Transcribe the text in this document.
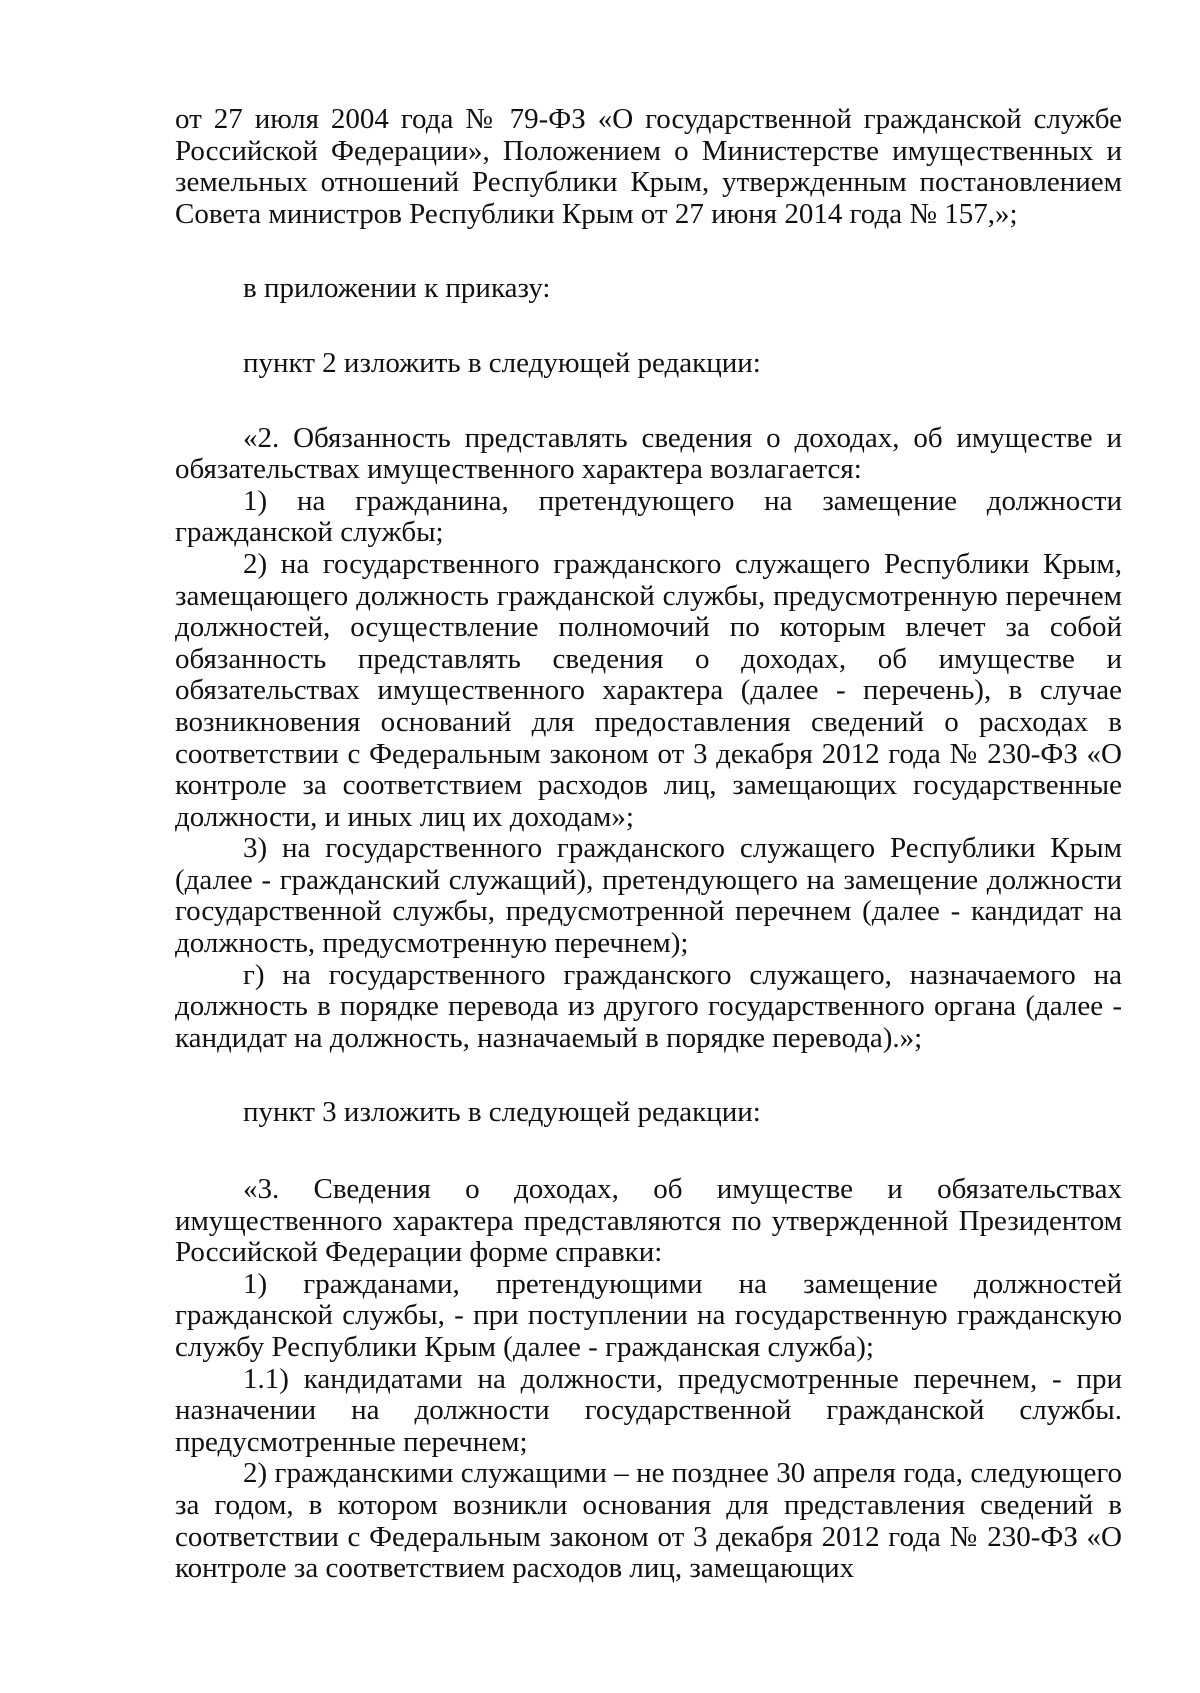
от 27 июля 2004 года № 79-ФЗ «О государственной гражданской службе Российской Федерации», Положением о Министерстве имущественных и земельных отношений Республики Крым, утвержденным постановлением Совета министров Республики Крым от 27 июня 2014 года № 157,»;

в приложении к приказу:

пункт 2 изложить в следующей редакции:

«2. Обязанность представлять сведения о доходах, об имуществе и обязательствах имущественного характера возлагается:

1) на гражданина, претендующего на замещение должности гражданской службы;

2) на государственного гражданского служащего Республики Крым, замещающего должность гражданской службы, предусмотренную перечнем должностей, осуществление полномочий по которым влечет за собой обязанность представлять сведения о доходах, об имуществе и обязательствах имущественного характера (далее - перечень), в случае возникновения оснований для предоставления сведений о расходах в соответствии с Федеральным законом от 3 декабря 2012 года № 230-ФЗ «О контроле за соответствием расходов лиц, замещающих государственные должности, и иных лиц их доходам»;

3) на государственного гражданского служащего Республики Крым (далее - гражданский служащий), претендующего на замещение должности государственной службы, предусмотренной перечнем (далее - кандидат на должность, предусмотренную перечнем);

г) на государственного гражданского служащего, назначаемого на должность в порядке перевода из другого государственного органа (далее - кандидат на должность, назначаемый в порядке перевода).»;

пункт 3 изложить в следующей редакции:

«3. Сведения о доходах, об имуществе и обязательствах имущественного характера представляются по утвержденной Президентом Российской Федерации форме справки:

1) гражданами, претендующими на замещение должностей гражданской службы, - при поступлении на государственную гражданскую службу Республики Крым (далее - гражданская служба);

1.1) кандидатами на должности, предусмотренные перечнем, - при назначении на должности государственной гражданской службы. предусмотренные перечнем;

2) гражданскими служащими – не позднее 30 апреля года, следующего за годом, в котором возникли основания для представления сведений в соответствии с Федеральным законом от 3 декабря 2012 года № 230-ФЗ «О контроле за соответствием расходов лиц, замещающих
